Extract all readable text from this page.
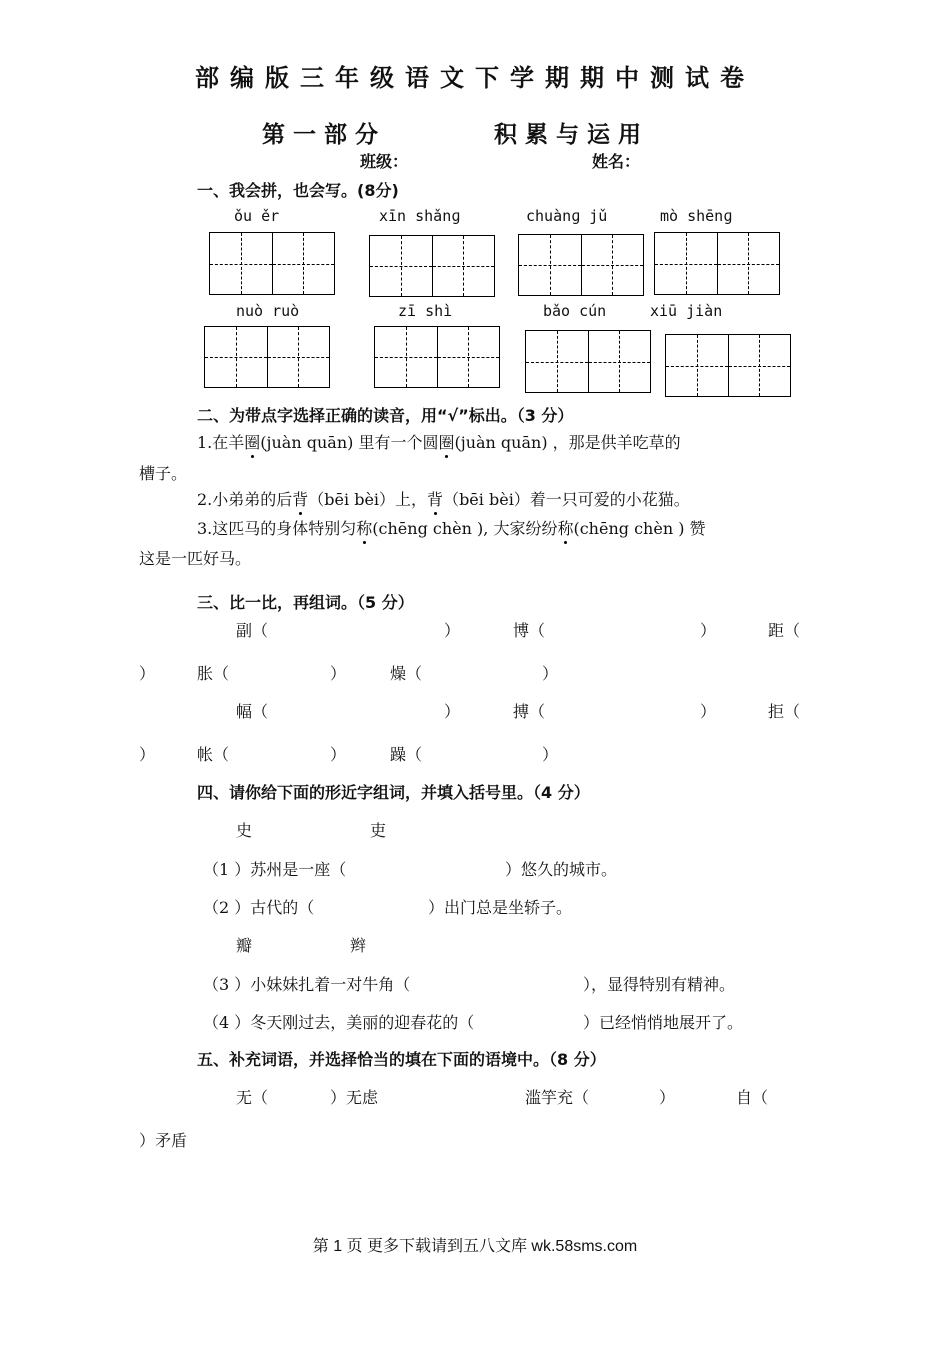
部编版三年级语文下学期期中测试卷
第一部分	积累与运用
班级：	姓名：
一、我会拼，也会写。(8分)
ǒu ěr	xīn shǎnɡ	chuànɡ jǔ	mò shēnɡ
nuò ruò	zī shì	bǎo cún	xiū jiàn
二、为带点字选择正确的读音，用“√”标出。（3 分）
1.在羊圈(juàn quān) 里有一个圆圈(juàn quān) ，那是供羊吃草的
槽子。
2.小弟弟的后背（bēi bèi）上，背（bēi bèi）着一只可爱的小花猫。
3.这匹马的身体特别匀称(chēng chèn ), 大家纷纷称(chēng chèn ) 赞
这是一匹好马。
三、比一比，再组词。（5 分）
副（	）	博（	）	距（
）	胀（	）	燥（	）
幅（	）	搏（	）	拒（
）	帐（	）	躁（	）
四、请你给下面的形近字组词，并填入括号里。（4 分）
史	吏
（1 ）苏州是一座（	）悠久的城市。
（2 ）古代的（	）出门总是坐轿子。
瓣	辫
（3 ）小妹妹扎着一对牛角（	），显得特别有精神。
（4 ）冬天刚过去，美丽的迎春花的（	）已经悄悄地展开了。
五、补充词语，并选择恰当的填在下面的语境中。（8 分）
无（	）无虑	滥竽充（	）	自（
）矛盾
第 1 页 更多下载请到五八文库 wk.58sms.com
